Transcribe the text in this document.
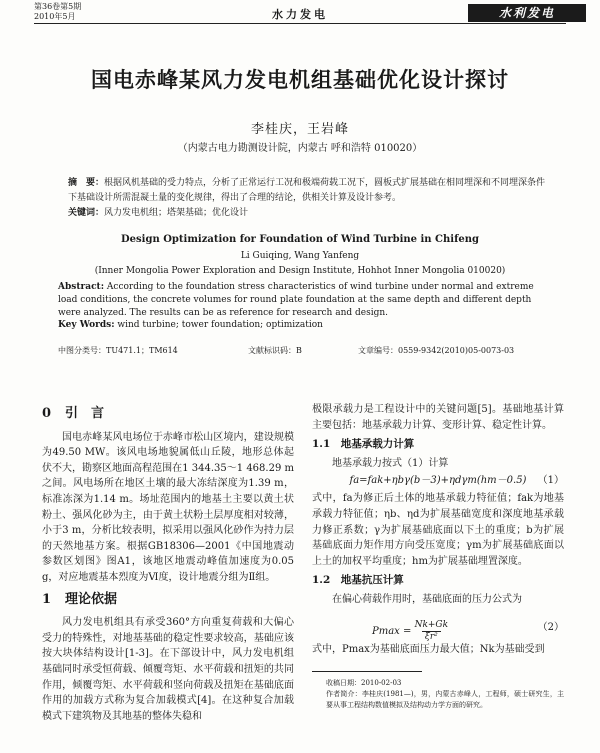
第36卷第5期
2010年5月	水力发电	水利发电
国电赤峰某风力发电机组基础优化设计探讨
李桂庆，王岩峰
（内蒙古电力勘测设计院，内蒙古 呼和浩特 010020）
摘　要：根据风机基础的受力特点，分析了正常运行工况和极端荷载工况下，圆板式扩展基础在相同埋深和不同埋深条件下基础设计所需混凝土量的变化规律，得出了合理的结论，供相关计算及设计参考。
关键词：风力发电机组；塔架基础；优化设计
Design Optimization for Foundation of Wind Turbine in Chifeng
Li Guiqing, Wang Yanfeng
(Inner Mongolia Power Exploration and Design Institute, Hohhot Inner Mongolia 010020)
Abstract: According to the foundation stress characteristics of wind turbine under normal and extreme load conditions, the concrete volumes for round plate foundation at the same depth and different depth were analyzed. The results can be as reference for research and design.
Key Words: wind turbine; tower foundation; optimization
中图分类号：TU471.1；TM614	文献标识码：B	文章编号：0559-9342(2010)05-0073-03
0 引　言

国电赤峰某风电场位于赤峰市松山区境内，建设规模为49.50 MW。该风电场地貌属低山丘陵，地形总体起伏不大，勘察区地面高程范围在1 344.35～1 468.29 m之间。风电场所在地区土壤的最大冻结深度为1.39 m，标准冻深为1.14 m。场址范围内的地基土主要以黄土状粉土、强风化砂为主，由于黄土状粉土层厚度相对较薄，小于3 m，分析比较表明，拟采用以强风化砂作为持力层的天然地基方案。根据GB18306—2001《中国地震动参数区划图》图A1，该地区地震动峰值加速度为0.05 g，对应地震基本烈度为Ⅵ度，设计地震分组为Ⅱ组。

1 理论依据

风力发电机组具有承受360°方向重复荷载和大偏心受力的特殊性，对地基基础的稳定性要求较高，基础应该按大块体结构设计[1-3]。在下部设计中，风力发电机组基础同时承受恒荷载、倾覆弯矩、水平荷载和扭矩的共同作用，倾覆弯矩、水平荷载和竖向荷载及扭矩在基础底面作用的加载方式称为复合加载模式[4]。在这种复合加载模式下建筑物及其地基的整体失稳和

极限承载力是工程设计中的关键问题[5]。基础地基计算主要包括：地基承载力计算、变形计算、稳定性计算。

1.1　地基承载力计算

地基承载力按式（1）计算

fa=fak+ηbγ(b－3)+ηdγm(hm－0.5) （1）

式中，fa为修正后土体的地基承载力特征值；fak为地基承载力特征值；ηb、ηd为扩展基础宽度和深度地基承载力修正系数；γ为扩展基础底面以下土的重度；b为扩展基础底面力矩作用方向受压宽度；γm为扩展基础底面以上土的加权平均重度；hm为扩展基础埋置深度。

1.2　地基抗压计算

在偏心荷载作用时，基础底面的压力公式为

$Pmax = \frac{Nk+Gk}{\text{ξr²}}$	（2）

式中，Pmax为基础底面压力最大值；Nk为基础受到

收稿日期：2010-02-03

作者简介：李桂庆(1981—)，男，内蒙古赤峰人，工程师，硕士研究生，主要从事工程结构数值模拟及结构动力学方面的研究。
